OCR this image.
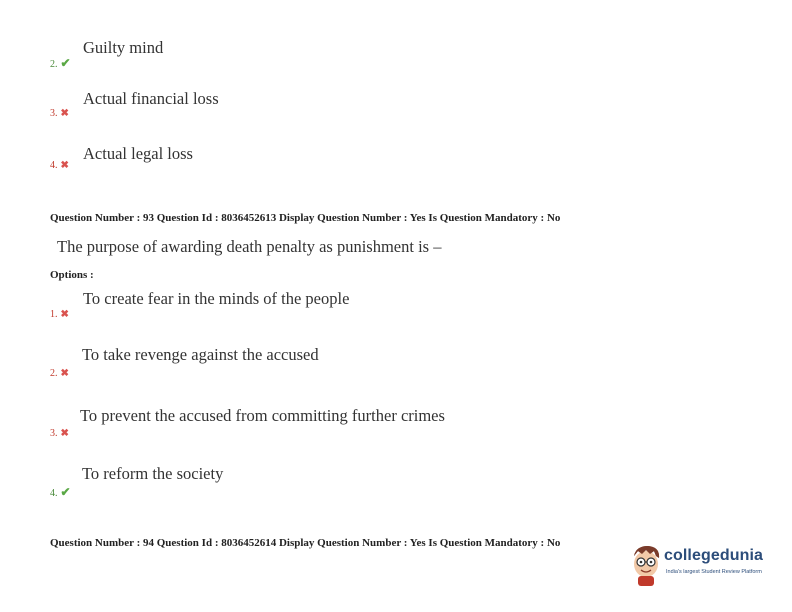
Guilty mind
2. ✔
Actual financial loss
3. ✖
Actual legal loss
4. ✖
Question Number : 93 Question Id : 8036452613 Display Question Number : Yes Is Question Mandatory : No
The purpose of awarding death penalty as punishment is –
Options :
To create fear in the minds of the people
1. ✖
To take revenge against the accused
2. ✖
To prevent the accused from committing further crimes
3. ✖
To reform the society
4. ✔
Question Number : 94 Question Id : 8036452614 Display Question Number : Yes Is Question Mandatory : No
collegedunia
India's largest Student Review Platform
